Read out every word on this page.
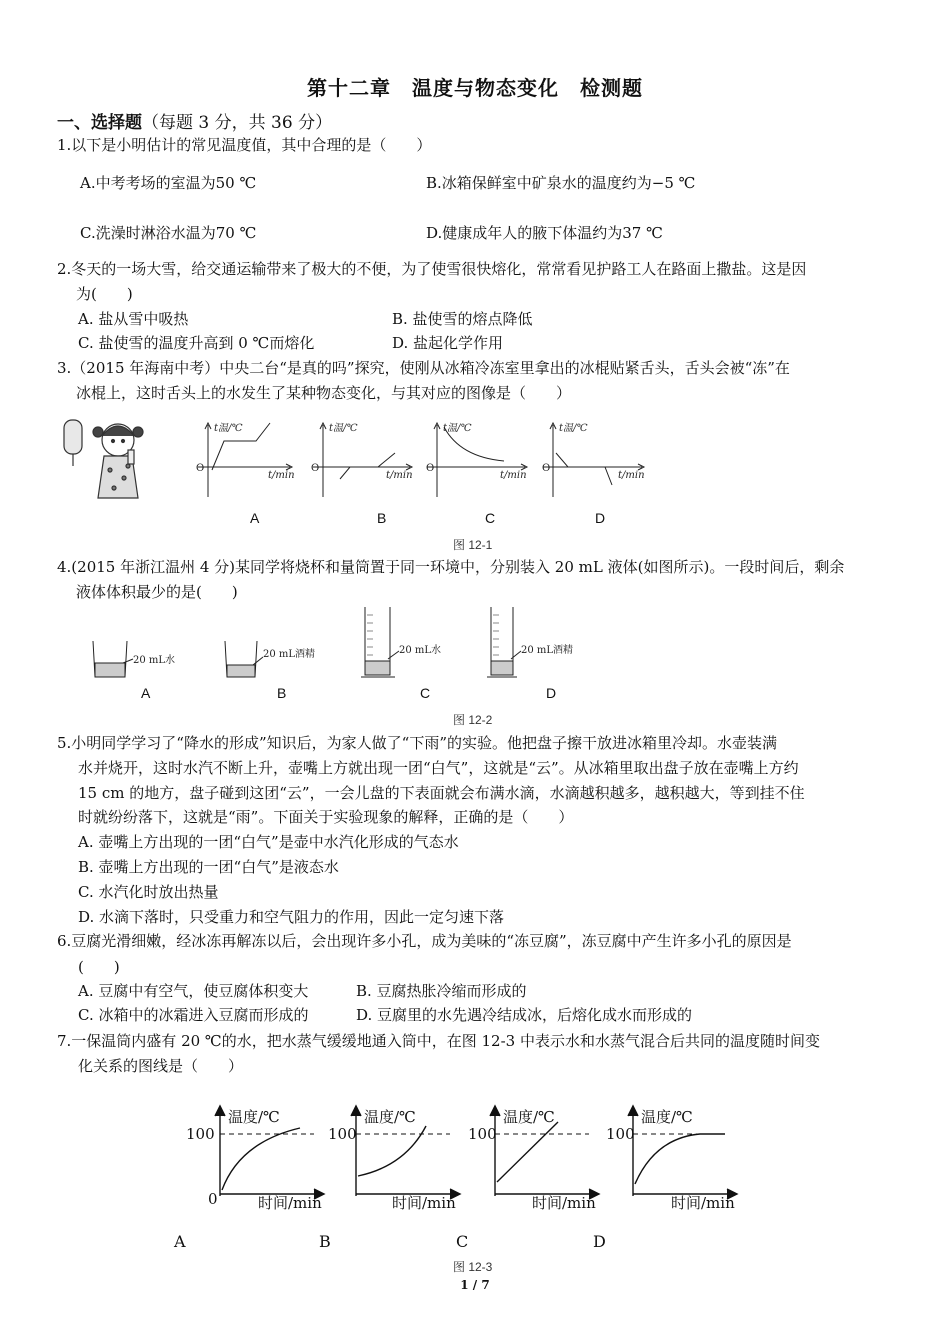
第十二章　温度与物态变化　检测题
一、选择题（每题 3 分，共 36 分）
1.以下是小明估计的常见温度值，其中合理的是（　　）
A.中考考场的室温为50 ℃	B.冰箱保鲜室中矿泉水的温度约为−5 ℃
C.洗澡时淋浴水温为70 ℃	D.健康成年人的腋下体温约为37 ℃
2.冬天的一场大雪，给交通运输带来了极大的不便，为了使雪很快熔化，常常看见护路工人在路面上撒盐。这是因
为(　　)
A. 盐从雪中吸热	B. 盐使雪的熔点降低
C. 盐使雪的温度升高到 0 ℃而熔化	D. 盐起化学作用
3.（2015 年海南中考）中央二台“是真的吗”探究，使刚从冰箱冷冻室里拿出的冰棍贴紧舌头，舌头会被“冻”在
冰棍上，这时舌头上的水发生了某种物态变化，与其对应的图像是（　　）
t温/℃
t/min
O
t温/℃
t/min
O
t温/℃
t/min
O
t温/℃
t/min
O
A	B	C	D
图 12-1
4.(2015 年浙江温州 4 分)某同学将烧杯和量筒置于同一环境中，分别装入 20 mL 液体(如图所示)。一段时间后，剩余
液体体积最少的是(　　)
20 mL水
20 mL酒精	20 mL水	20 mL酒精
A	B	C	D
图 12-2
5.小明同学学习了“降水的形成”知识后，为家人做了“下雨”的实验。他把盘子擦干放进冰箱里冷却。水壶装满
水并烧开，这时水汽不断上升，壶嘴上方就出现一团“白气”，这就是“云”。从冰箱里取出盘子放在壶嘴上方约
15 cm 的地方，盘子碰到这团“云”，一会儿盘的下表面就会布满水滴，水滴越积越多，越积越大，等到挂不住
时就纷纷落下，这就是“雨”。下面关于实验现象的解释，正确的是（　　）
A. 壶嘴上方出现的一团“白气”是壶中水汽化形成的气态水
B. 壶嘴上方出现的一团“白气”是液态水
C. 水汽化时放出热量
D. 水滴下落时，只受重力和空气阻力的作用，因此一定匀速下落
6.豆腐光滑细嫩，经冰冻再解冻以后，会出现许多小孔，成为美味的“冻豆腐”，冻豆腐中产生许多小孔的原因是
(　　)
A. 豆腐中有空气，使豆腐体积变大	B. 豆腐热胀冷缩而形成的
C. 冰箱中的冰霜进入豆腐而形成的	D. 豆腐里的水先遇冷结成冰，后熔化成水而形成的
7.一保温筒内盛有 20 ℃的水，把水蒸气缓缓地通入筒中，在图 12-3 中表示水和水蒸气混合后共同的温度随时间变
化关系的图线是（　　）
温度/℃
时间/min
100
0
温度/℃
时间/min
100
温度/℃
时间/min
100
温度/℃
时间/min
100
A	B	C	D
图 12-3
1 / 7
